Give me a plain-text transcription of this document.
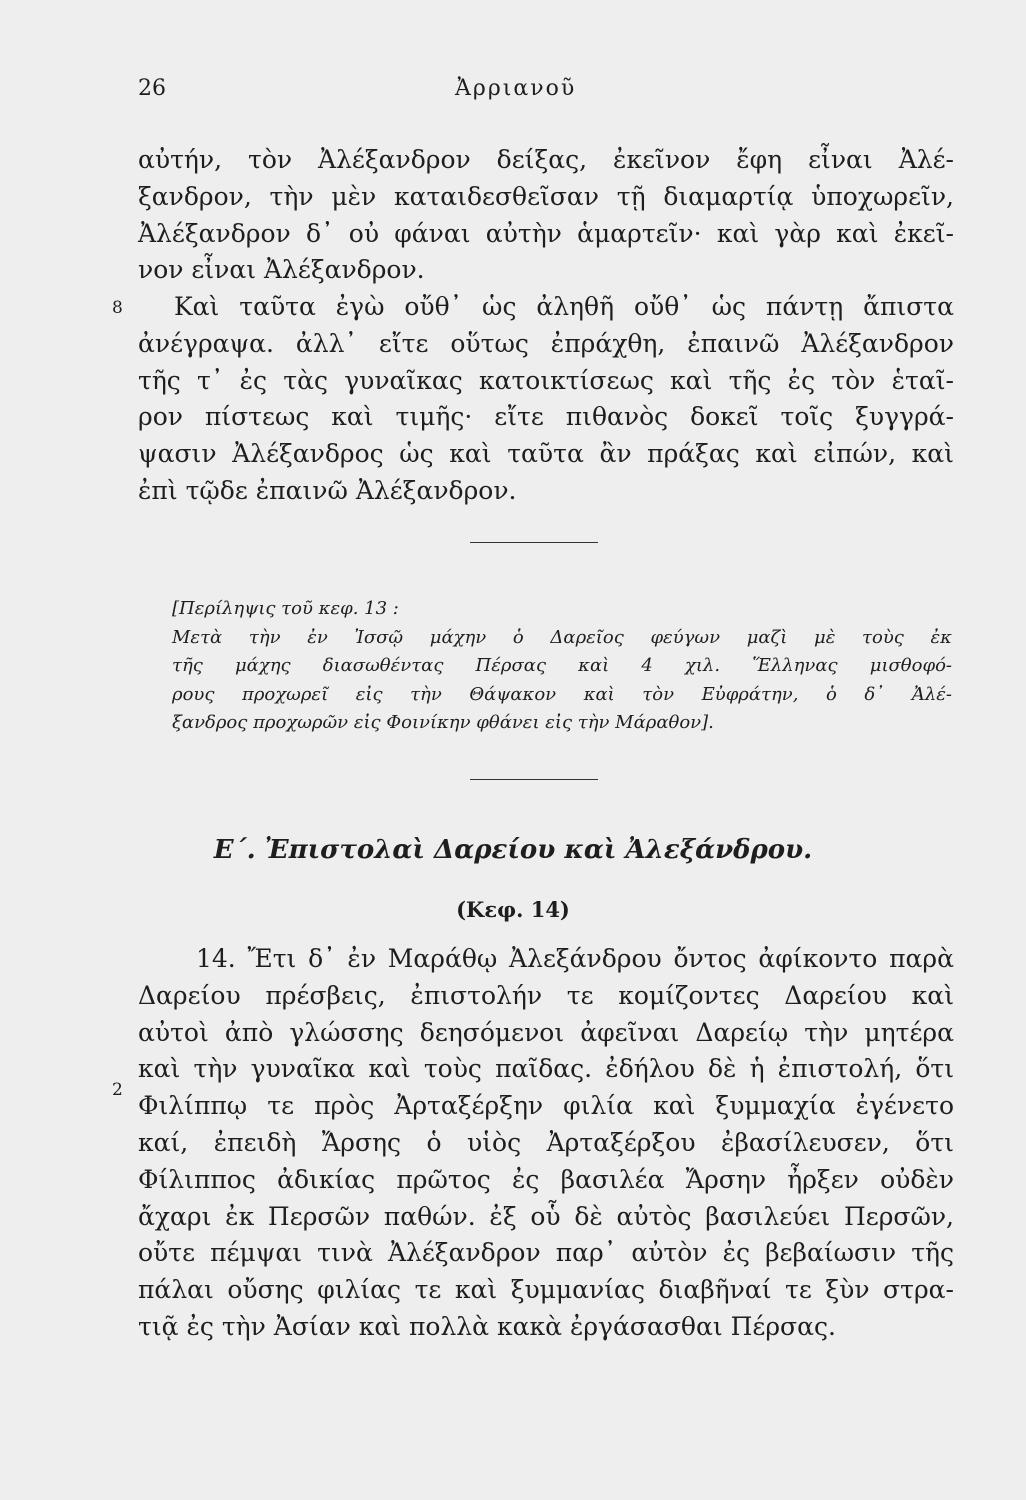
26	Ἀρριανοῦ
αὐτήν, τὸν Ἀλέξανδρον δείξας, ἐκεῖνον ἔφη εἶναι Ἀλέ-
ξανδρον, τὴν μὲν καταιδεσθεῖσαν τῇ διαμαρτίᾳ ὑποχωρεῖν,
Ἀλέξανδρον δ᾽ οὐ φάναι αὐτὴν ἁμαρτεῖν· καὶ γὰρ καὶ ἐκεῖ-
νον εἶναι Ἀλέξανδρον.
8	Καὶ ταῦτα ἐγὼ οὔθ᾽ ὡς ἀληθῆ οὔθ᾽ ὡς πάντῃ ἄπιστα
ἀνέγραψα. ἀλλ᾽ εἴτε οὕτως ἐπράχθη, ἐπαινῶ Ἀλέξανδρον
τῆς τ᾽ ἐς τὰς γυναῖκας κατοικτίσεως καὶ τῆς ἐς τὸν ἑταῖ-
ρον πίστεως καὶ τιμῆς· εἴτε πιθανὸς δοκεῖ τοῖς ξυγγρά-
ψασιν Ἀλέξανδρος ὡς καὶ ταῦτα ἂν πράξας καὶ εἰπών, καὶ
ἐπὶ τῷδε ἐπαινῶ Ἀλέξανδρον.
[Περίληψις τοῦ κεφ. 13 :
Μετὰ τὴν ἐν Ἰσσῷ μάχην ὁ Δαρεῖος φεύγων μαζὶ μὲ τοὺς ἐκ
τῆς μάχης διασωθέντας Πέρσας καὶ 4 χιλ. Ἕλληνας μισθοφό-
ρους προχωρεῖ εἰς τὴν Θάψακον καὶ τὸν Εὐφράτην, ὁ δ᾽ Ἀλέ-
ξανδρος προχωρῶν εἰς Φοινίκην φθάνει εἰς τὴν Μάραθον].
Ε΄. Ἐπιστολαὶ Δαρείου καὶ Ἀλεξάνδρου.
(Κεφ. 14)
2
14. Ἔτι δ᾽ ἐν Μαράθῳ Ἀλεξάνδρου ὄντος ἀφίκοντο παρὰ
Δαρείου πρέσβεις, ἐπιστολήν τε κομίζοντες Δαρείου καὶ
αὐτοὶ ἀπὸ γλώσσης δεησόμενοι ἀφεῖναι Δαρείῳ τὴν μητέρα
καὶ τὴν γυναῖκα καὶ τοὺς παῖδας. ἐδήλου δὲ ἡ ἐπιστολή, ὅτι
Φιλίππῳ τε πρὸς Ἀρταξέρξην φιλία καὶ ξυμμαχία ἐγένετο
καί, ἐπειδὴ Ἄρσης ὁ υἱὸς Ἀρταξέρξου ἐβασίλευσεν, ὅτι
Φίλιππος ἀδικίας πρῶτος ἐς βασιλέα Ἄρσην ἦρξεν οὐδὲν
ἄχαρι ἐκ Περσῶν παθών. ἐξ οὗ δὲ αὐτὸς βασιλεύει Περσῶν,
οὔτε πέμψαι τινὰ Ἀλέξανδρον παρ᾽ αὐτὸν ἐς βεβαίωσιν τῆς
πάλαι οὔσης φιλίας τε καὶ ξυμμανίας διαβῆναί τε ξὺν στρα-
τιᾷ ἐς τὴν Ἀσίαν καὶ πολλὰ κακὰ ἐργάσασθαι Πέρσας.
